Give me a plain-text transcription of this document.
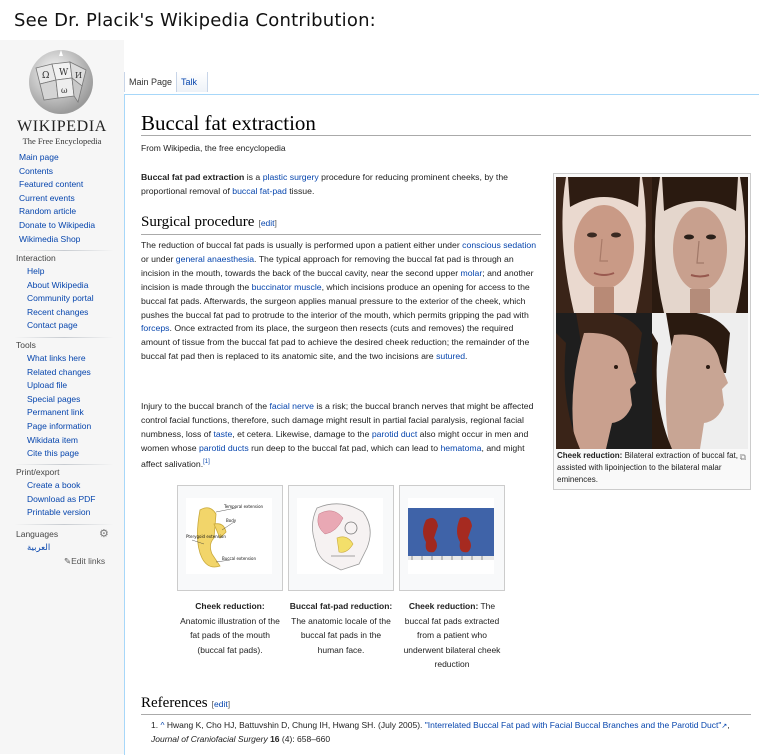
See Dr. Placik's Wikipedia Contribution:
Ω W И
ω
WIKIPEDIA
The Free Encyclopedia
Main page
Contents
Featured content
Current events
Random article
Donate to Wikipedia
Wikimedia Shop
Interaction
Help
About Wikipedia
Community portal
Recent changes
Contact page
Tools
What links here
Related changes
Upload file
Special pages
Permanent link
Page information
Wikidata item
Cite this page
Print/export
Create a book
Download as PDF
Printable version
Languages	⚙
العربية
✎Edit links
Main Page Talk
Buccal fat extraction
From Wikipedia, the free encyclopedia
Buccal fat pad extraction is a plastic surgery procedure for reducing prominent cheeks, by the proportional removal of buccal fat-pad tissue.
Surgical procedure [edit]
The reduction of buccal fat pads is usually is performed upon a patient either under conscious sedation or under general anaesthesia. The typical approach for removing the buccal fat pad is through an incision in the mouth, towards the back of the buccal cavity, near the second upper molar; and another incision is made through the buccinator muscle, which incisions produce an opening for access to the buccal fat pads. Afterwards, the surgeon applies manual pressure to the exterior of the cheek, which pushes the buccal fat pad to protrude to the interior of the mouth, which permits gripping the pad with forceps. Once extracted from its place, the surgeon then resects (cuts and removes) the required amount of tissue from the buccal fat pad to achieve the desired cheek reduction; the remainder of the buccal fat pad then is replaced to its anatomic site, and the two incisions are sutured.
Injury to the buccal branch of the facial nerve is a risk; the buccal branch nerves that might be affected control facial functions, therefore, such damage might result in partial facial paralysis, regional facial numbness, loss of taste, et cetera. Likewise, damage to the parotid duct also might occur in men and women whose parotid ducts run deep to the buccal fat pad, which can lead to hematoma, and might affect salivation.[1]
Cheek reduction: Bilateral extraction of buccal fat, assisted with lipoinjection to the bilateral malar eminences.
⧉
Temporal extension
Body
Pterygoid extension
Buccal extension
Cheek reduction: Anatomic illustration of the fat pads of the mouth (buccal fat pads).
Buccal fat-pad reduction: The anatomic locale of the buccal fat pads in the human face.
Cheek reduction: The buccal fat pads extracted from a patient who underwent bilateral cheek reduction
References [edit]
1. ^ Hwang K, Cho HJ, Battuvshin D, Chung IH, Hwang SH. (July 2005). "Interrelated Buccal Fat pad with Facial Buccal Branches and the Parotid Duct"↗, Journal of Craniofacial Surgery 16 (4): 658–660
